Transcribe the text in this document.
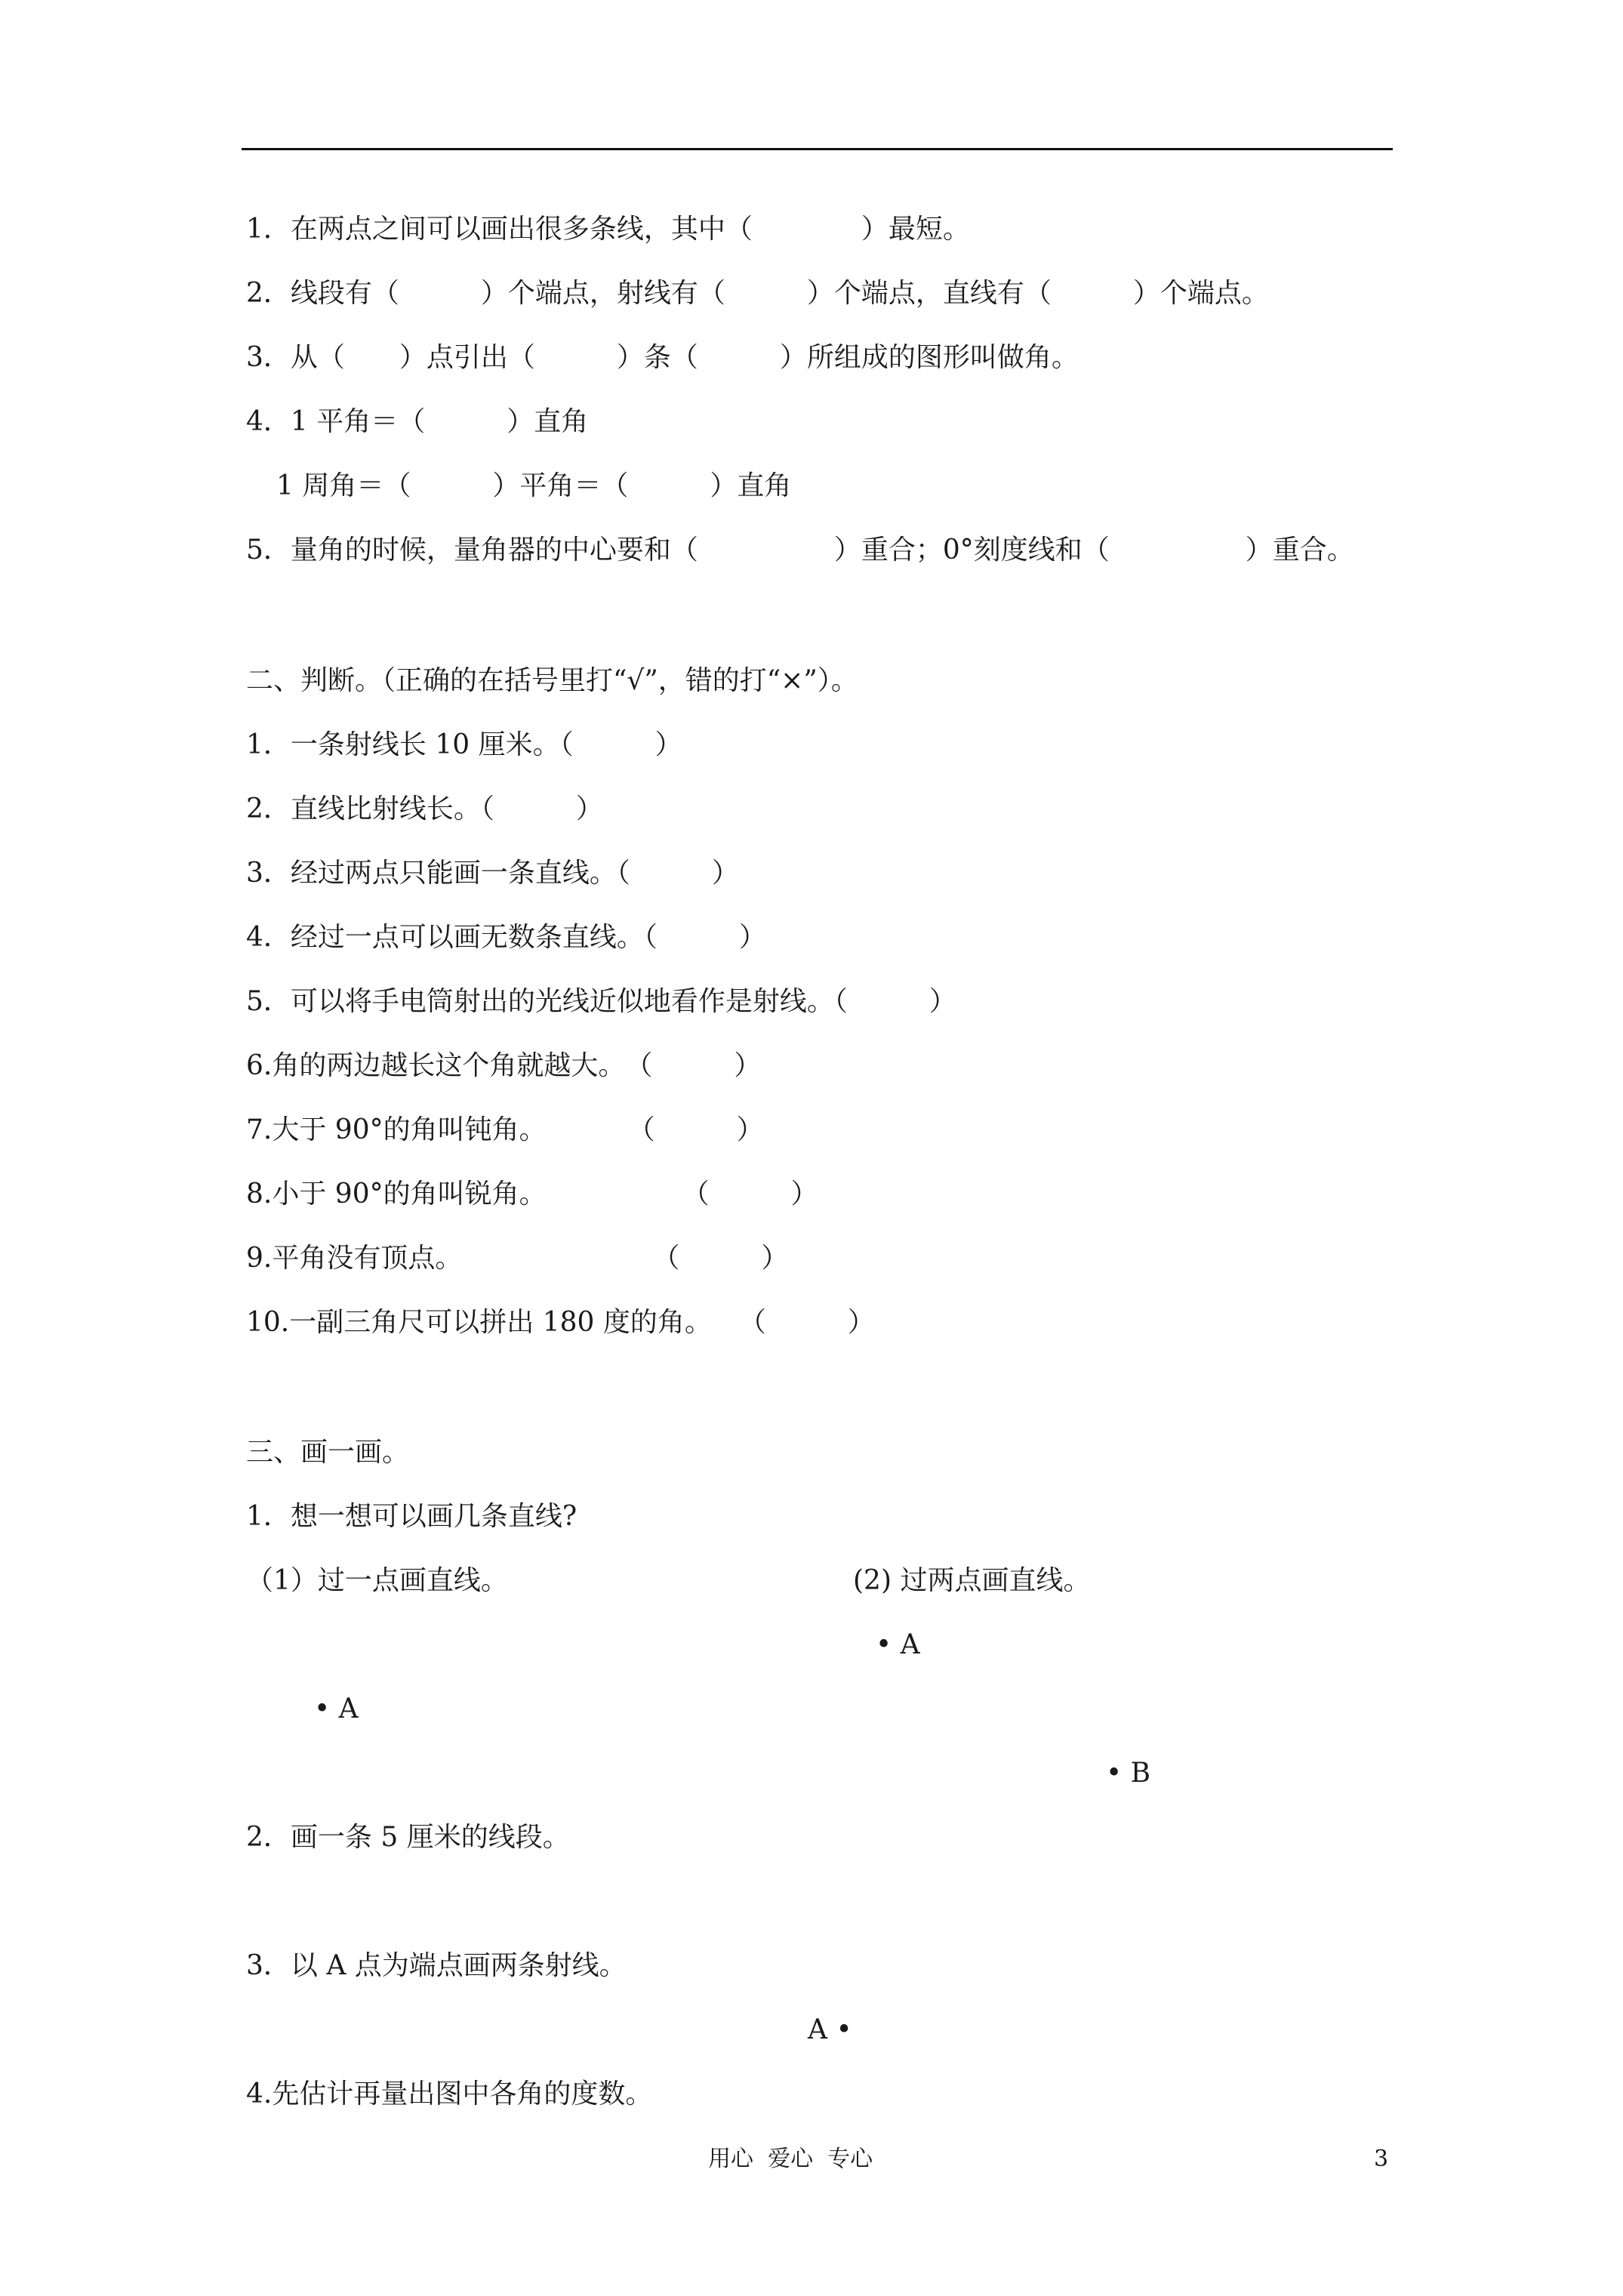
1．在两点之间可以画出很多条线，其中（　　　　）最短。
2．线段有（　　　）个端点，射线有（　　　）个端点，直线有（　　　）个端点。
3．从（　　）点引出（　　　）条（　　　）所组成的图形叫做角。
4．1 平角＝（　　　）直角
1 周角＝（　　　）平角＝（　　　）直角
5．量角的时候，量角器的中心要和（　　　　　）重合；0°刻度线和（　　　　　）重合。
二、判断。（正确的在括号里打“√”，错的打“×”）。
1．一条射线长 10 厘米。（　　　）
2．直线比射线长。（　　　）
3．经过两点只能画一条直线。（　　　）
4．经过一点可以画无数条直线。（　　　）
5．可以将手电筒射出的光线近似地看作是射线。（　　　）
6.角的两边越长这个角就越大。　（　　　）
7.大于 90°的角叫钝角。　　　　（　　　）
8.小于 90°的角叫锐角。　　　　　　（　　　）
9.平角没有顶点。　　　　　　　　（　　　）
10.一副三角尺可以拼出 180 度的角。　　（　　　）
三、画一画。
1．想一想可以画几条直线?
（1）过一点画直线。	(2) 过两点画直线。
• A
• A
• B
2．画一条 5 厘米的线段。
3．以 A 点为端点画两条射线。
A •
4.先估计再量出图中各角的度数。
用心  爱心  专心	3
